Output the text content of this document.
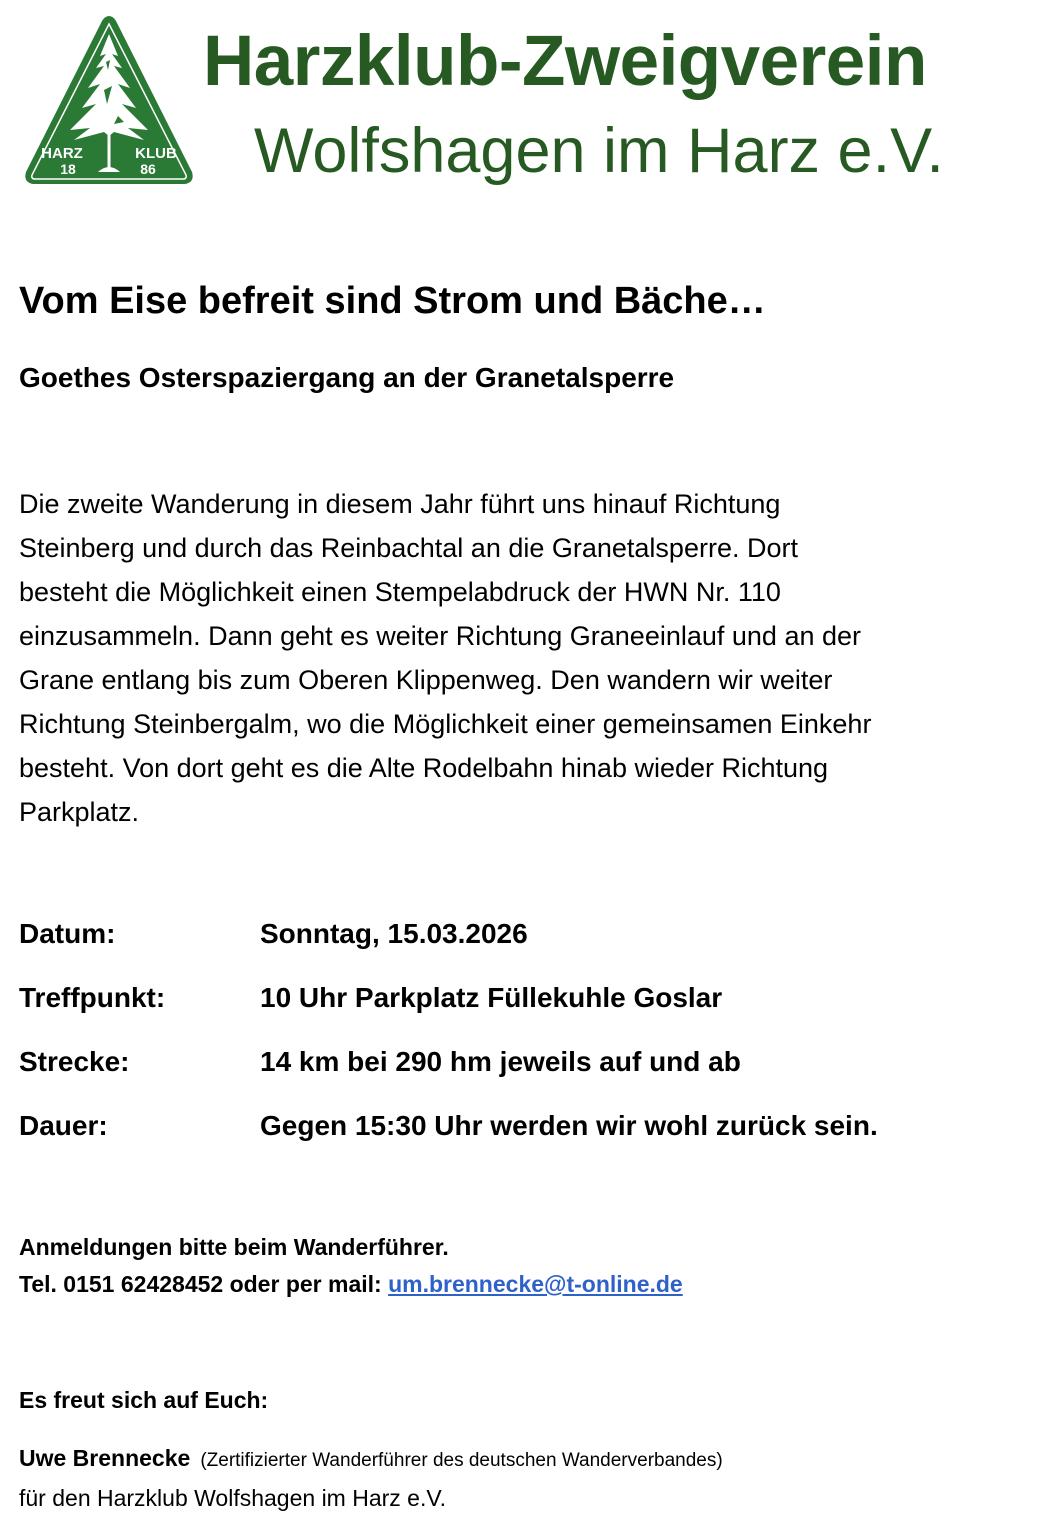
HARZ	KLUB
18	86
Harzklub-Zweigverein
Wolfshagen im Harz e.V.
Vom Eise befreit sind Strom und Bäche…
Goethes Osterspaziergang an der Granetalsperre

Die zweite Wanderung in diesem Jahr führt uns hinauf Richtung

Steinberg und durch das Reinbachtal an die Granetalsperre. Dort

besteht die Möglichkeit einen Stempelabdruck der HWN Nr. 110

einzusammeln. Dann geht es weiter Richtung Graneeinlauf und an der

Grane entlang bis zum Oberen Klippenweg. Den wandern wir weiter

Richtung Steinbergalm, wo die Möglichkeit einer gemeinsamen Einkehr

besteht. Von dort geht es die Alte Rodelbahn hinab wieder Richtung

Parkplatz.

Datum:	Sonntag, 15.03.2026
Treffpunkt:	10 Uhr Parkplatz Füllekuhle Goslar
Strecke:	14 km bei 290 hm jeweils auf und ab
Dauer:	Gegen 15:30 Uhr werden wir wohl zurück sein.

Anmeldungen bitte beim Wanderführer.

Tel. 0151 62428452 oder per mail: um.brennecke@t-online.de

Es freut sich auf Euch:

Uwe Brennecke (Zertifizierter Wanderführer des deutschen Wanderverbandes)

für den Harzklub Wolfshagen im Harz e.V.
